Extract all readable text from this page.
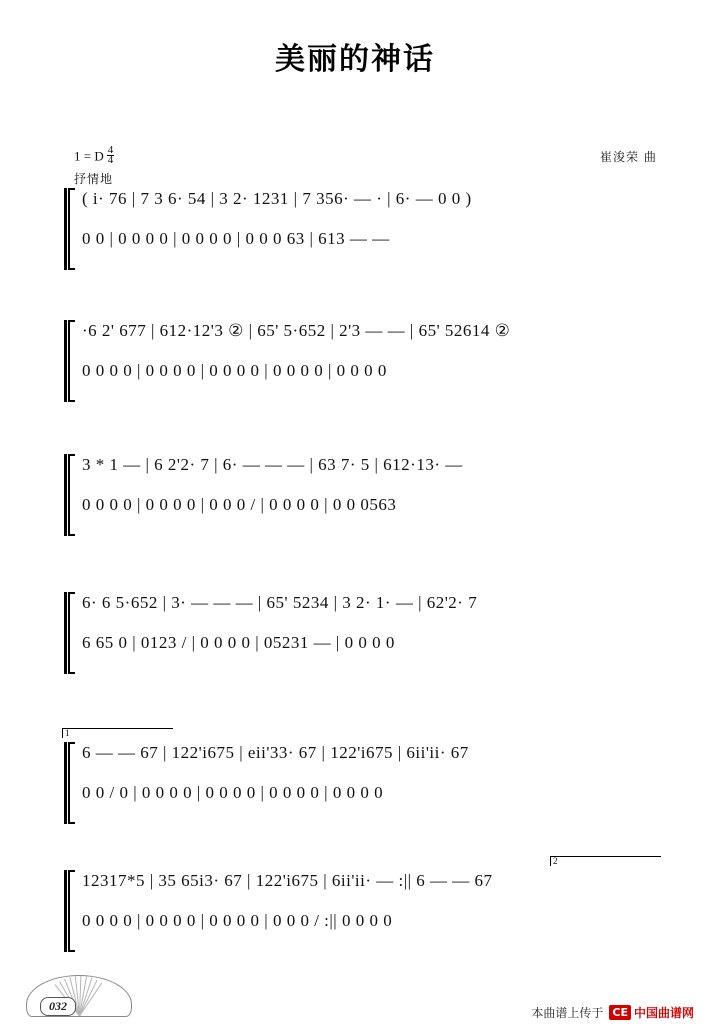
美丽的神话
1 = D $\frac{4}{4}$	崔浚荣 曲
抒情地
( i· 76 | 7 3 6· 54 | 3 2· 1231 | 7 356· — · | 6· — 0 0 )
0 0 | 0 0 0 0 | 0 0 0 0 | 0 0 0 63 | 613 — —
·6 2' 677 | 612·12'3 ② | 65' 5·652 | 2'3 — — | 65' 52614 ②
0 0 0 0 | 0 0 0 0 | 0 0 0 0 | 0 0 0 0 | 0 0 0 0
3 * 1 — | 6 2'2· 7 | 6· — — — | 63 7· 5 | 612·13· —
0 0 0 0 | 0 0 0 0 | 0 0 0 / | 0 0 0 0 | 0 0 0563
6· 6 5·652 | 3· — — — | 65' 5234 | 3 2· 1· — | 62'2· 7
6 65 0 | 0123 / | 0 0 0 0 | 05231 — | 0 0 0 0
1
6 — — 67 | 122'i675 | eii'33· 67 | 122'i675 | 6ii'ii· 67
0 0 / 0 | 0 0 0 0 | 0 0 0 0 | 0 0 0 0 | 0 0 0 0
2
12317*5 | 35 65i3· 67 | 122'i675 | 6ii'ii· — :|| 6 — — 67
0 0 0 0 | 0 0 0 0 | 0 0 0 0 | 0 0 0 / :|| 0 0 0 0
032	本曲谱上传于 CE 中国曲谱网
